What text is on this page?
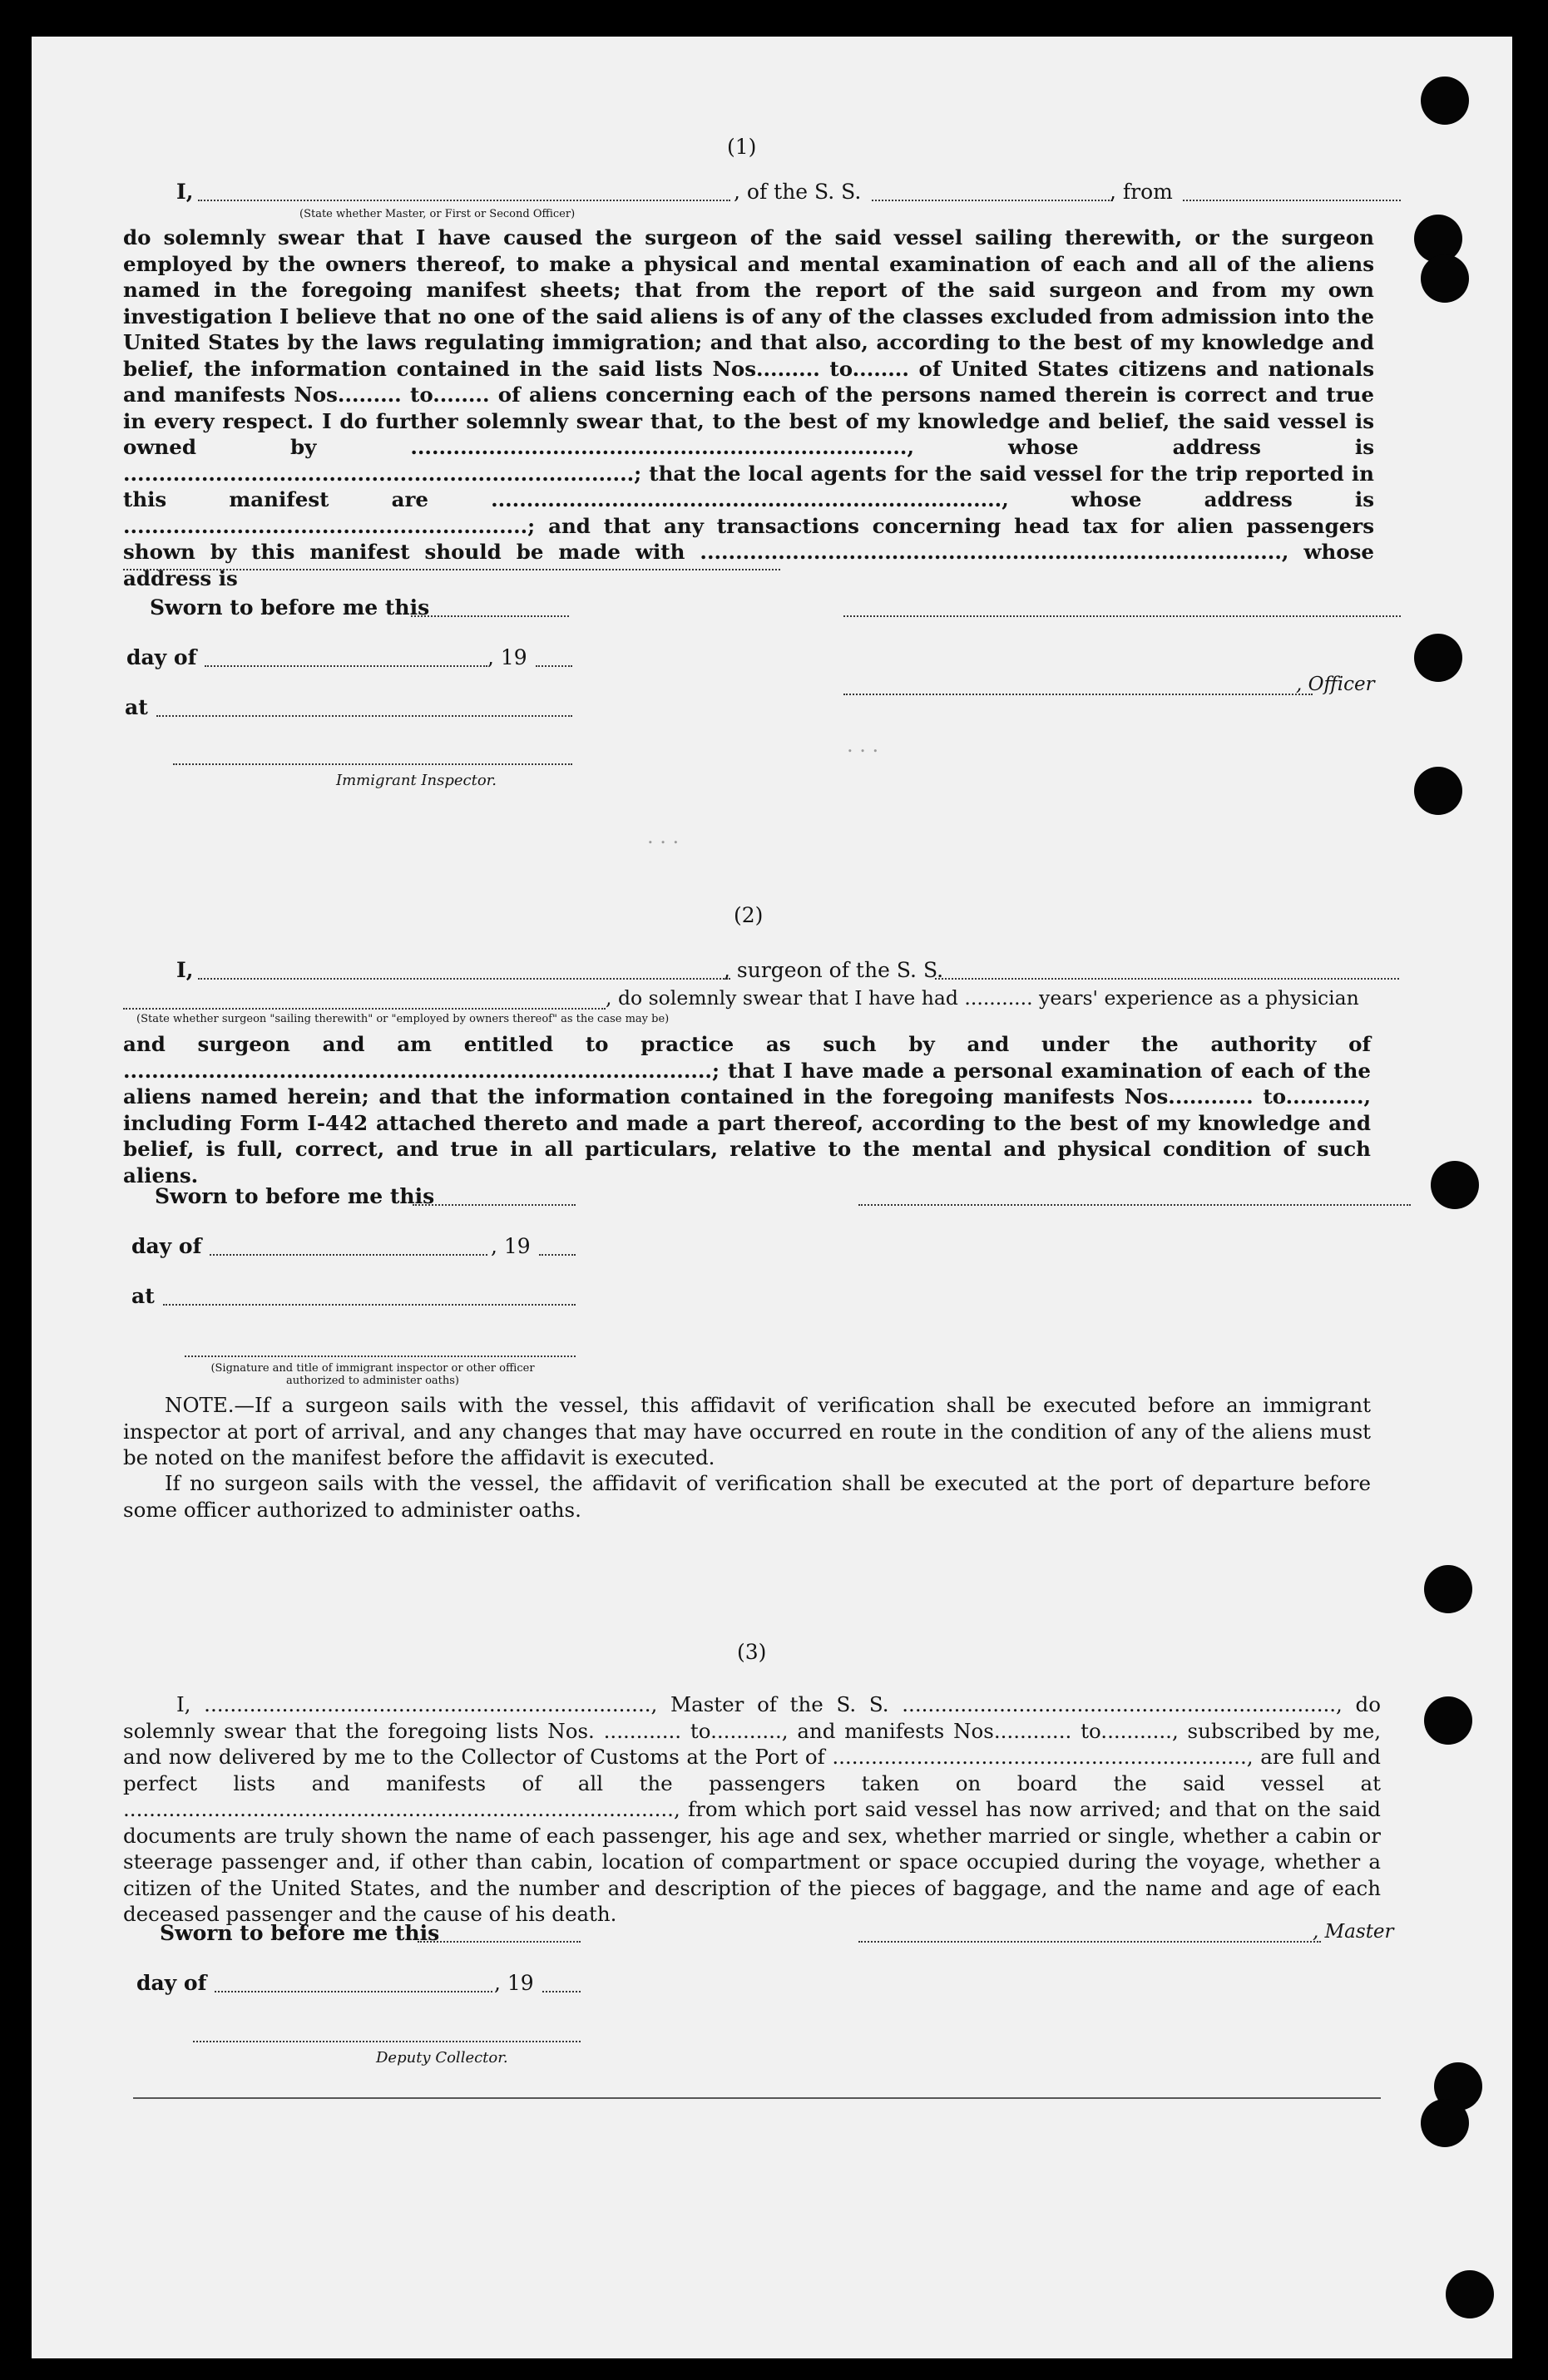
(1)
I,	, of the S. S.	, from
(State whether Master, or First or Second Officer)
do solemnly swear that I have caused the surgeon of the said vessel sailing therewith, or the surgeon employed by the owners thereof, to make a physical and mental examination of each and all of the aliens named in the foregoing manifest sheets; that from the report of the said surgeon and from my own investigation I believe that no one of the said aliens is of any of the classes excluded from admission into the United States by the laws regulating immigration; and that also, according to the best of my knowledge and belief, the information contained in the said lists Nos......... to........ of United States citizens and nationals and manifests Nos......... to........ of aliens concerning each of the persons named therein is correct and true in every respect. I do further solemnly swear that, to the best of my knowledge and belief, the said vessel is owned by ......................................................................, whose address is ........................................................................; that the local agents for the said vessel for the trip reported in this manifest are ........................................................................, whose address is .........................................................; and that any transactions concerning head tax for alien passengers shown by this manifest should be made with .................................................................................., whose address is
Sworn to before me this
day of	, 19
, Officer
at
Immigrant Inspector.
. . .
. . .
(2)
I,	, surgeon of the S. S.
, do solemnly swear that I have had ........... years' experience as a physician
(State whether surgeon "sailing therewith" or "employed by owners thereof" as the case may be)
and surgeon and am entitled to practice as such by and under the authority of ...................................................................................; that I have made a personal examination of each of the aliens named herein; and that the information contained in the foregoing manifests Nos............ to..........., including Form I-442 attached thereto and made a part thereof, according to the best of my knowledge and belief, is full, correct, and true in all particulars, relative to the mental and physical condition of such aliens.
Sworn to before me this
day of	, 19
at
(Signature and title of immigrant inspector or other officer authorized to administer oaths)
NOTE.—If a surgeon sails with the vessel, this affidavit of verification shall be executed before an immigrant inspector at port of arrival, and any changes that may have occurred en route in the condition of any of the aliens must be noted on the manifest before the affidavit is executed.
If no surgeon sails with the vessel, the affidavit of verification shall be executed at the port of departure before some officer authorized to administer oaths.
(3)
I, ....................................................................., Master of the S. S. ..................................................................., do solemnly swear that the foregoing lists Nos. ............ to..........., and manifests Nos............ to..........., subscribed by me, and now delivered by me to the Collector of Customs at the Port of ................................................................, are full and perfect lists and manifests of all the passengers taken on board the said vessel at ....................................................................................., from which port said vessel has now arrived; and that on the said documents are truly shown the name of each passenger, his age and sex, whether married or single, whether a cabin or steerage passenger and, if other than cabin, location of compartment or space occupied during the voyage, whether a citizen of the United States, and the number and description of the pieces of baggage, and the name and age of each deceased passenger and the cause of his death.
Sworn to before me this	, Master
day of	, 19
Deputy Collector.
